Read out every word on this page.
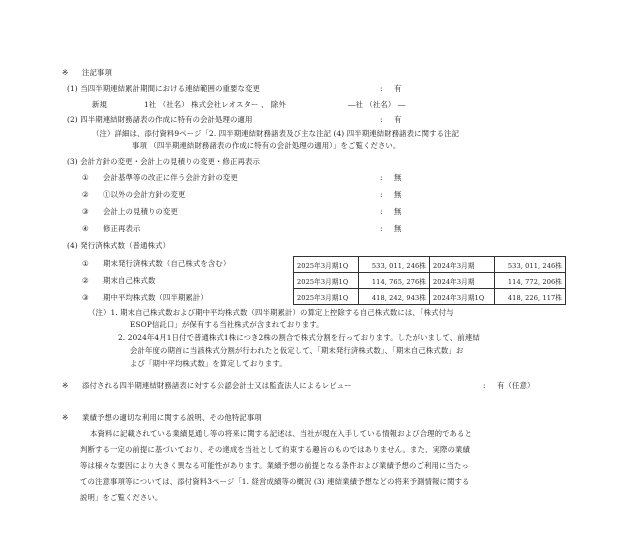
※ 注記事項
(1) 当四半期連結累計期間における連結範囲の重要な変更	: 有
新規	1社 （社名） 株式会社レオスター 、 除外	―社 （社名） ―
(2) 四半期連結財務諸表の作成に特有の会計処理の適用	: 有
（注）詳細は、添付資料9ページ「2. 四半期連結財務諸表及び主な注記 (4) 四半期連結財務諸表に関する注記
事項 （四半期連結財務諸表の作成に特有の会計処理の適用）」をご覧ください。
(3) 会計方針の変更・会計上の見積りの変更・修正再表示
① 会計基準等の改正に伴う会計方針の変更	: 無
② ①以外の会計方針の変更	: 無
③ 会計上の見積りの変更	: 無
④ 修正再表示	: 無
(4) 発行済株式数（普通株式）
① 期末発行済株式数（自己株式を含む）
② 期末自己株式数
③ 期中平均株式数（四半期累計）
2025年3月期1Q	533, 011, 246株	2024年3月期	533, 011, 246株
2025年3月期1Q	114, 765, 276株	2024年3月期	114, 772, 206株
2025年3月期1Q	418, 242, 943株	2024年3月期1Q	418, 226, 117株
（注）1. 期末自己株式数および期中平均株式数（四半期累計）の算定上控除する自己株式数には、「株式付与
ESOP信託口」が保有する当社株式が含まれております。
2. 2024年4月1日付で普通株式1株につき2株の割合で株式分割を行っております。したがいまして、前連結
会計年度の期首に当該株式分割が行われたと仮定して、「期末発行済株式数」、「期末自己株式数」お
よび「期中平均株式数」を算定しております。
※ 添付される四半期連結財務諸表に対する公認会計士又は監査法人によるレビュー	: 有（任意）
※ 業績予想の適切な利用に関する説明、その他特記事項
本資料に記載されている業績見通し等の将来に関する記述は、当社が現在入手している情報および合理的であると
判断する一定の前提に基づいており、その達成を当社として約束する趣旨のものではありません。また、実際の業績
等は様々な要因により大きく異なる可能性があります。業績予想の前提となる条件および業績予想のご利用に当たっ
ての注意事項等については、添付資料3ページ「1. 経営成績等の概況 (3) 連結業績予想などの将来予測情報に関する
説明」をご覧ください。
